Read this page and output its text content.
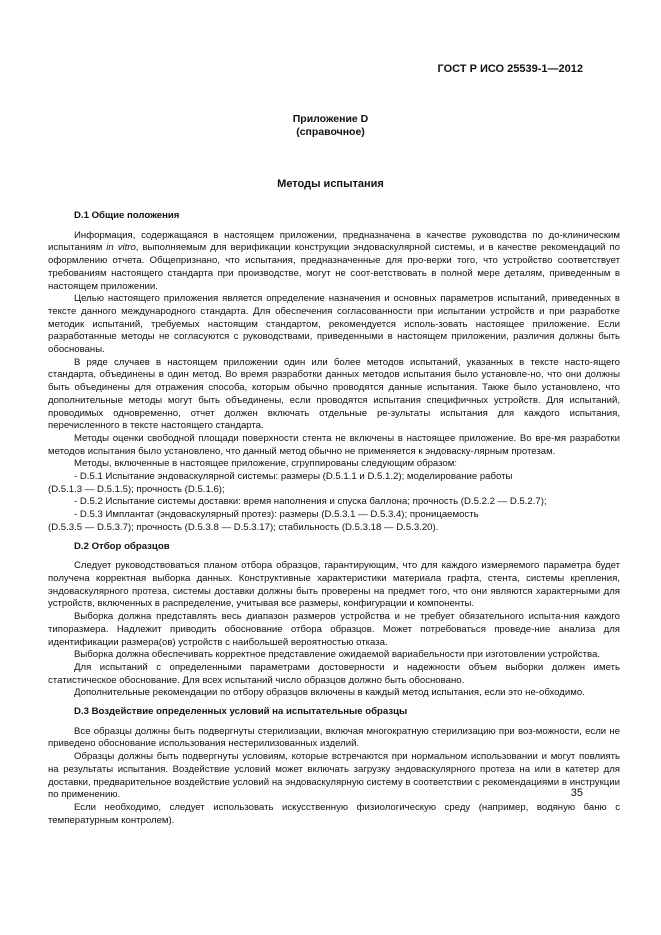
ГОСТ Р ИСО 25539-1—2012
Приложение D
(справочное)
Методы испытания
D.1 Общие положения

Информация, содержащаяся в настоящем приложении, предназначена в качестве руководства по до-клиническим испытаниям in vitro, выполняемым для верификации конструкции эндоваскулярной системы, и в качестве рекомендаций по оформлению отчета. Общепризнано, что испытания, предназначенные для про-верки того, что устройство соответствует требованиям настоящего стандарта при производстве, могут не соот-ветствовать в полной мере деталям, приведенным в настоящем приложении.

Целью настоящего приложения является определение назначения и основных параметров испытаний, приведенных в тексте данного международного стандарта. Для обеспечения согласованности при испытании устройств и при разработке методик испытаний, требуемых настоящим стандартом, рекомендуется исполь-зовать настоящее приложение. Если разработанные методы не согласуются с руководствами, приведенными в настоящем приложении, различия должны быть обоснованы.

В ряде случаев в настоящем приложении один или более методов испытаний, указанных в тексте насто-ящего стандарта, объединены в один метод. Во время разработки данных методов испытания было установле-но, что они должны быть объединены для отражения способа, которым обычно проводятся данные испытания. Также было установлено, что дополнительные методы могут быть объединены, если проводятся испытания специфичных устройств. Для испытаний, проводимых одновременно, отчет должен включать отдельные ре-зультаты испытания для каждого испытания, перечисленного в тексте настоящего стандарта.

Методы оценки свободной площади поверхности стента не включены в настоящее приложение. Во вре-мя разработки методов испытания было установлено, что данный метод обычно не применяется к эндоваску-лярным протезам.

Методы, включенные в настоящее приложение, сгруппированы следующим образом:

- D.5.1 Испытание эндоваскулярной системы: размеры (D.5.1.1 и D.5.1.2); моделирование работы
(D.5.1.3 — D.5.1.5); прочность (D.5.1.6);
- D.5.2 Испытание системы доставки: время наполнения и спуска баллона; прочность (D.5.2.2 — D.5.2.7);
- D.5.3 Имплантат (эндоваскулярный протез): размеры (D.5.3.1 — D.5.3.4); проницаемость
(D.5.3.5 — D.5.3.7); прочность (D.5.3.8 — D.5.3.17); стабильность (D.5.3.18 — D.5.3.20).
D.2 Отбор образцов

Следует руководствоваться планом отбора образцов, гарантирующим, что для каждого измеряемого параметра будет получена корректная выборка данных. Конструктивные характеристики материала графта, стента, системы крепления, эндоваскулярного протеза, системы доставки должны быть проверены на предмет того, что они являются характерными для устройств, включенных в распределение, учитывая все размеры, конфигурации и компоненты.

Выборка должна представлять весь диапазон размеров устройства и не требует обязательного испыта-ния каждого типоразмера. Надлежит приводить обоснование отбора образцов. Может потребоваться проведе-ние анализа для идентификации размера(ов) устройств с наибольшей вероятностью отказа.

Выборка должна обеспечивать корректное представление ожидаемой вариабельности при изготовлении устройства.

Для испытаний с определенными параметрами достоверности и надежности объем выборки должен иметь статистическое обоснование. Для всех испытаний число образцов должно быть обосновано.

Дополнительные рекомендации по отбору образцов включены в каждый метод испытания, если это не-обходимо.

D.3 Воздействие определенных условий на испытательные образцы

Все образцы должны быть подвергнуты стерилизации, включая многократную стерилизацию при воз-можности, если не приведено обоснование использования нестерилизованных изделий.

Образцы должны быть подвергнуты условиям, которые встречаются при нормальном использовании и могут повлиять на результаты испытания. Воздействие условий может включать загрузку эндоваскулярного протеза на или в катетер для доставки, предварительное воздействие условий на эндоваскулярную систему в соответствии с рекомендациями в инструкции по применению.

Если необходимо, следует использовать искусственную физиологическую среду (например, водяную баню с температурным контролем).

35
